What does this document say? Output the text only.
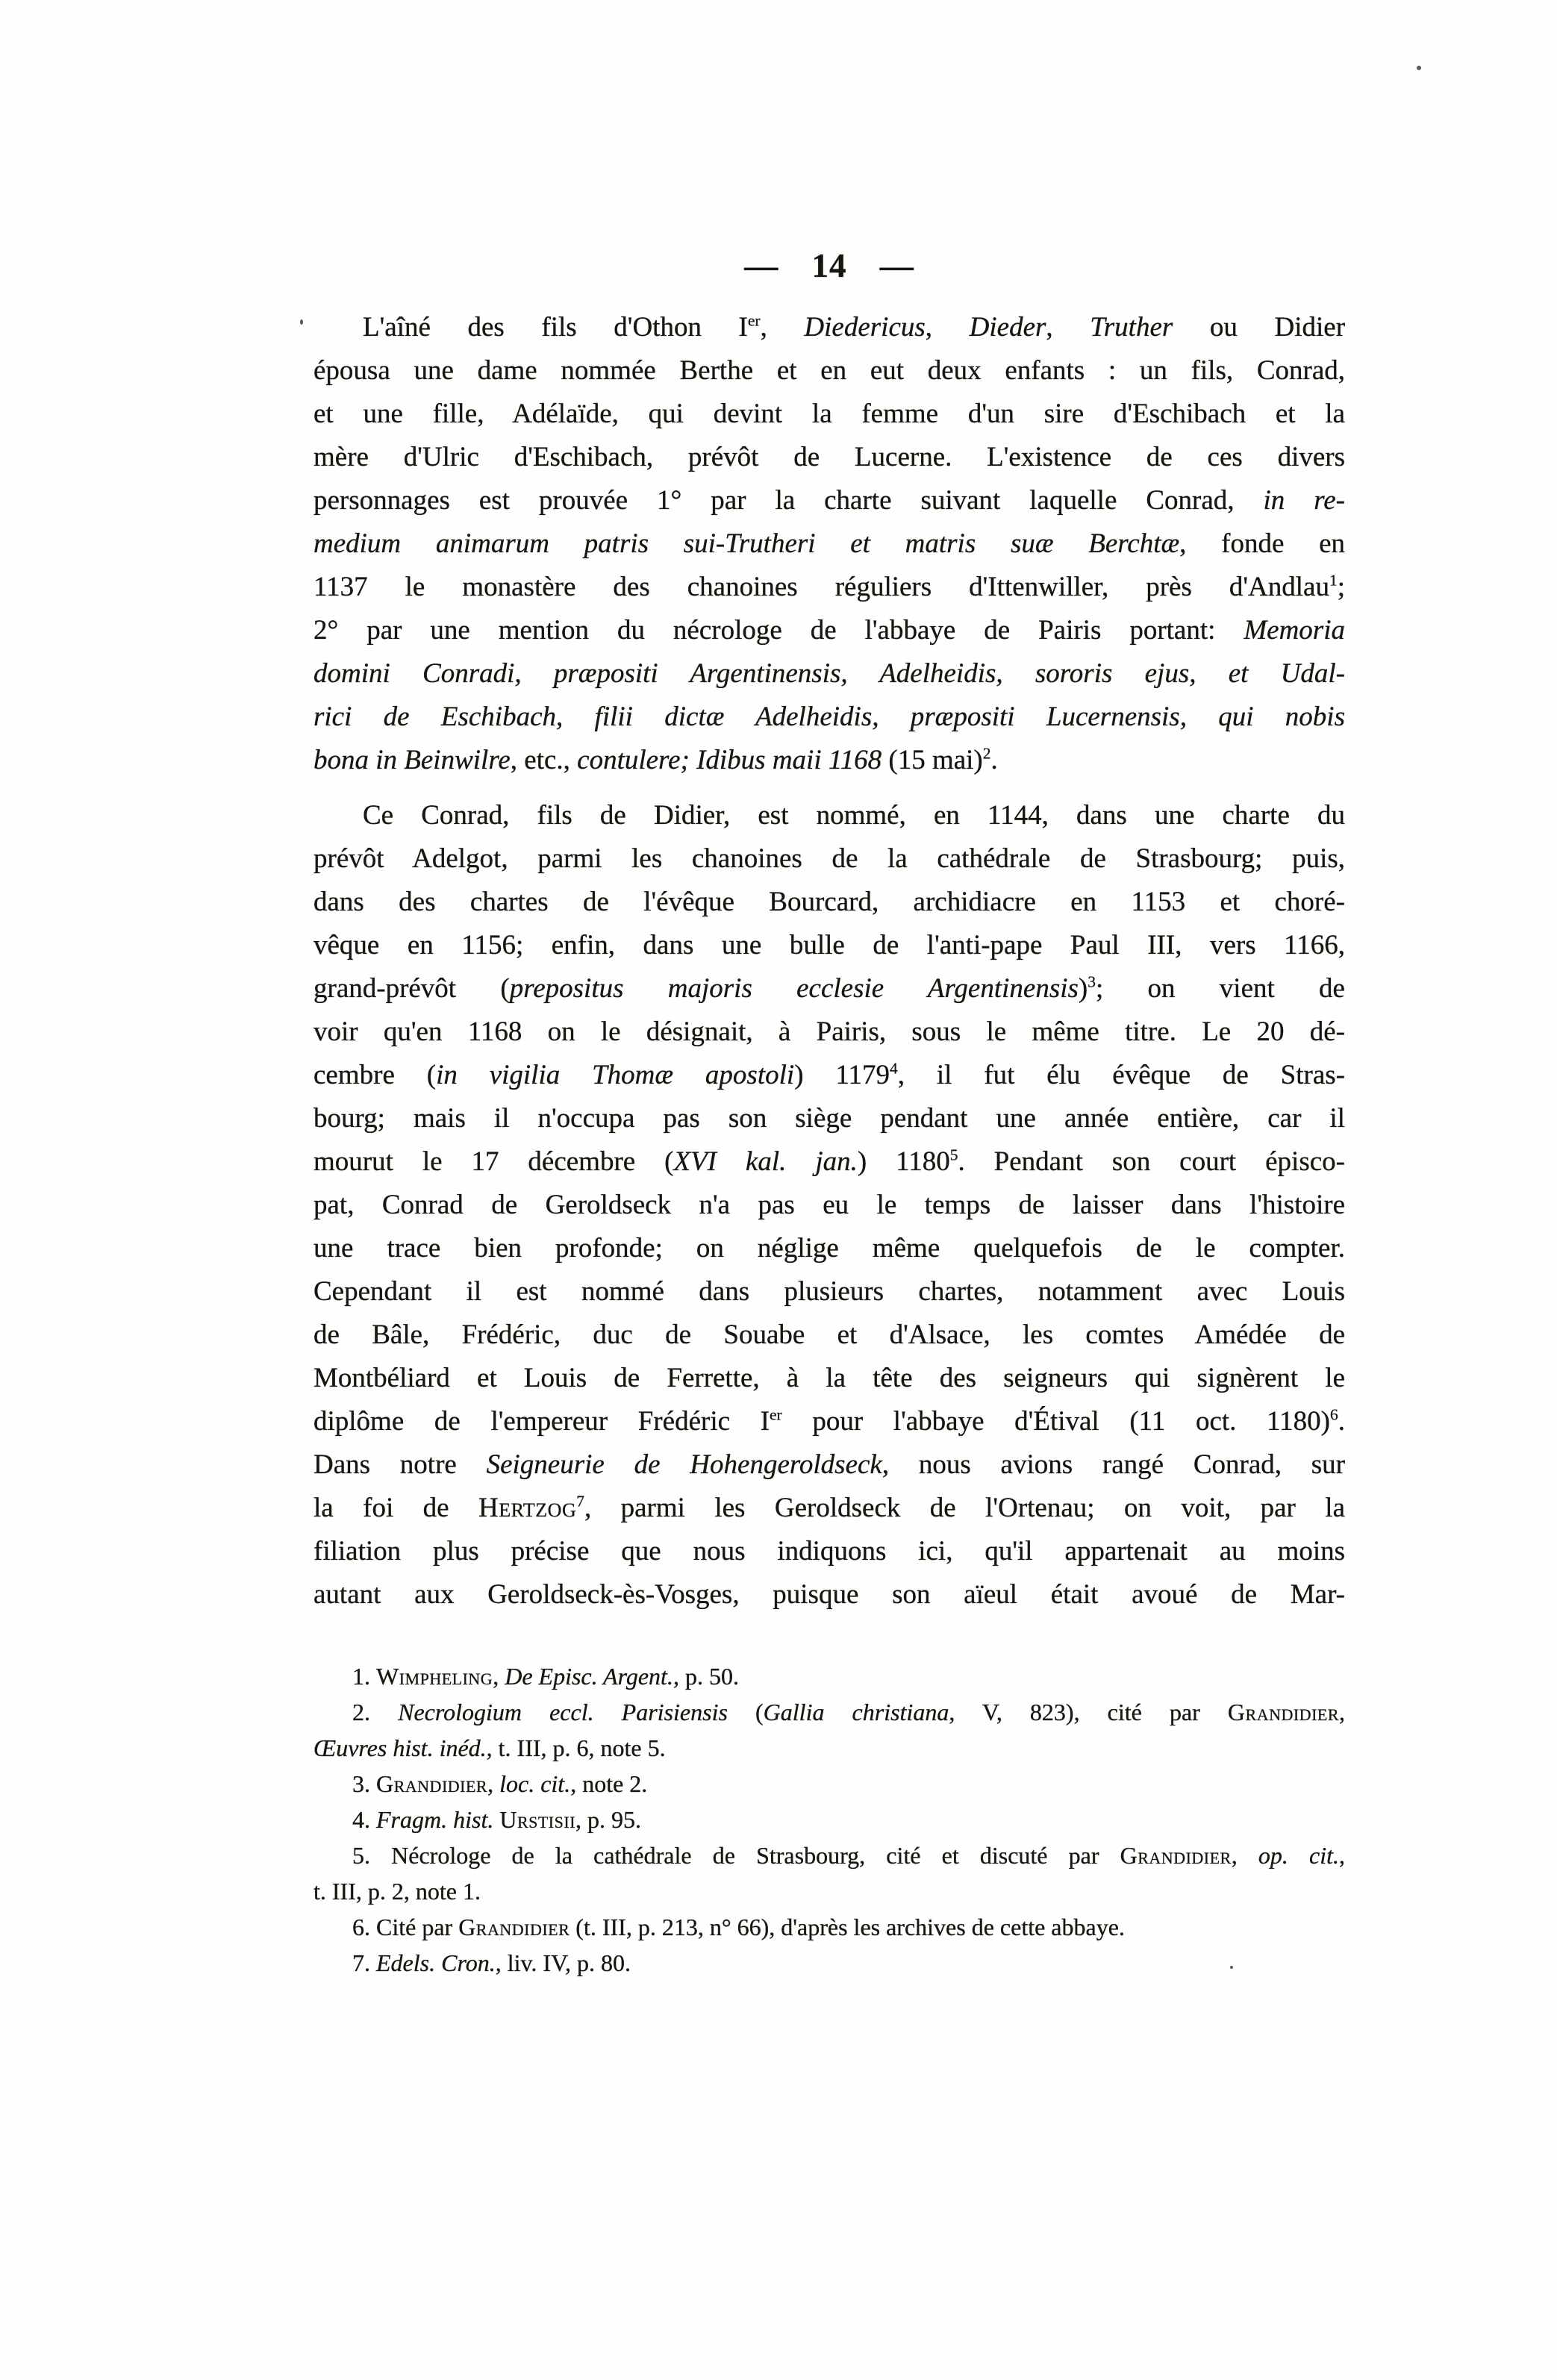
— 14 —
L'aîné des fils d'Othon Ier, Diedericus, Dieder, Truther ou Didier
épousa une dame nommée Berthe et en eut deux enfants : un fils, Conrad,
et une fille, Adélaïde, qui devint la femme d'un sire d'Eschibach et la
mère d'Ulric d'Eschibach, prévôt de Lucerne. L'existence de ces divers
personnages est prouvée 1° par la charte suivant laquelle Conrad, in re-
medium animarum patris sui-Trutheri et matris suæ Berchtæ, fonde en
1137 le monastère des chanoines réguliers d'Ittenwiller, près d'Andlau$^1$;
2° par une mention du nécrologe de l'abbaye de Pairis portant: Memoria
domini Conradi, præpositi Argentinensis, Adelheidis, sororis ejus, et Udal-
rici de Eschibach, filii dictæ Adelheidis, præpositi Lucernensis, qui nobis
bona in Beinwilre, etc., contulere; Idibus maii 1168 (15 mai)$^2$.
Ce Conrad, fils de Didier, est nommé, en 1144, dans une charte du
prévôt Adelgot, parmi les chanoines de la cathédrale de Strasbourg; puis,
dans des chartes de l'évêque Bourcard, archidiacre en 1153 et choré-
vêque en 1156; enfin, dans une bulle de l'anti-pape Paul III, vers 1166,
grand-prévôt (prepositus majoris ecclesie Argentinensis)$^3$; on vient de
voir qu'en 1168 on le désignait, à Pairis, sous le même titre. Le 20 dé-
cembre (in vigilia Thomæ apostoli) 1179$^4$, il fut élu évêque de Stras-
bourg; mais il n'occupa pas son siège pendant une année entière, car il
mourut le 17 décembre (XVI kal. jan.) 1180$^5$. Pendant son court épisco-
pat, Conrad de Geroldseck n'a pas eu le temps de laisser dans l'histoire
une trace bien profonde; on néglige même quelquefois de le compter.
Cependant il est nommé dans plusieurs chartes, notamment avec Louis
de Bâle, Frédéric, duc de Souabe et d'Alsace, les comtes Amédée de
Montbéliard et Louis de Ferrette, à la tête des seigneurs qui signèrent le
diplôme de l'empereur Frédéric Ier pour l'abbaye d'Étival (11 oct. 1180)$^6$.
Dans notre Seigneurie de Hohengeroldseck, nous avions rangé Conrad, sur
la foi de Hertzog$^7$, parmi les Geroldseck de l'Ortenau; on voit, par la
filiation plus précise que nous indiquons ici, qu'il appartenait au moins
autant aux Geroldseck-ès-Vosges, puisque son aïeul était avoué de Mar-
1. Wimpheling, De Episc. Argent., p. 50.
2. Necrologium eccl. Parisiensis (Gallia christiana, V, 823), cité par Grandidier,
Œuvres hist. inéd., t. III, p. 6, note 5.
3. Grandidier, loc. cit., note 2.
4. Fragm. hist. Urstisii, p. 95.
5. Nécrologe de la cathédrale de Strasbourg, cité et discuté par Grandidier, op. cit.,
t. III, p. 2, note 1.
6. Cité par Grandidier (t. III, p. 213, n° 66), d'après les archives de cette abbaye.
7. Edels. Cron., liv. IV, p. 80.
